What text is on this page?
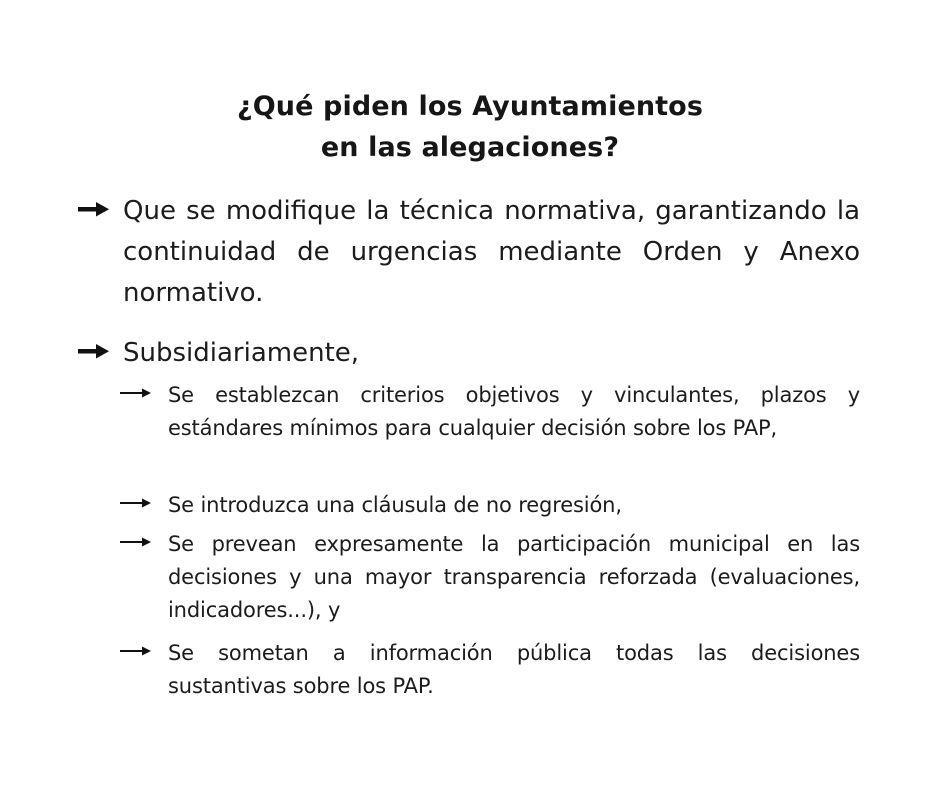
¿Qué piden los Ayuntamientos
en las alegaciones?
Que se modifique la técnica normativa, garantizando la continuidad de urgencias mediante Orden y Anexo normativo.
Subsidiariamente,
Se establezcan criterios objetivos y vinculantes, plazos y estándares mínimos para cualquier decisión sobre los PAP,
Se introduzca una cláusula de no regresión,
Se prevean expresamente la participación municipal en las decisiones y una mayor transparencia reforzada (evaluaciones, indicadores...), y
Se sometan a información pública todas las decisiones sustantivas sobre los PAP.
